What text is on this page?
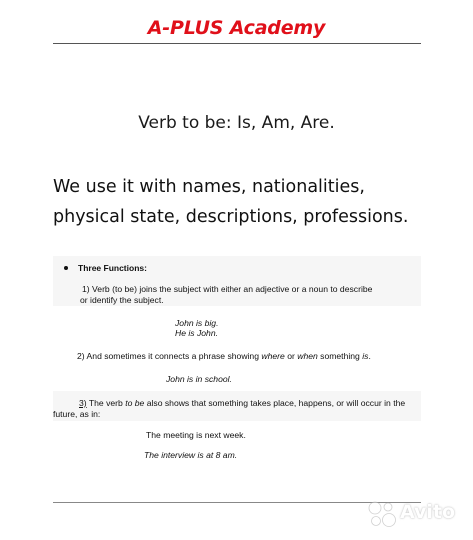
A-PLUS Academy
Verb to be: Is, Am, Are.
We use it with names, nationalities, physical state, descriptions, professions.
Three Functions:
1) Verb (to be) joins the subject with either an adjective or a noun to describe
or identify the subject.
John is big.
He is John.
2) And sometimes it connects a phrase showing where or when something is.
John is in school.
3) The verb to be also shows that something takes place, happens, or will occur in the future, as in:
The meeting is next week.
The interview is at 8 am.
Avito
